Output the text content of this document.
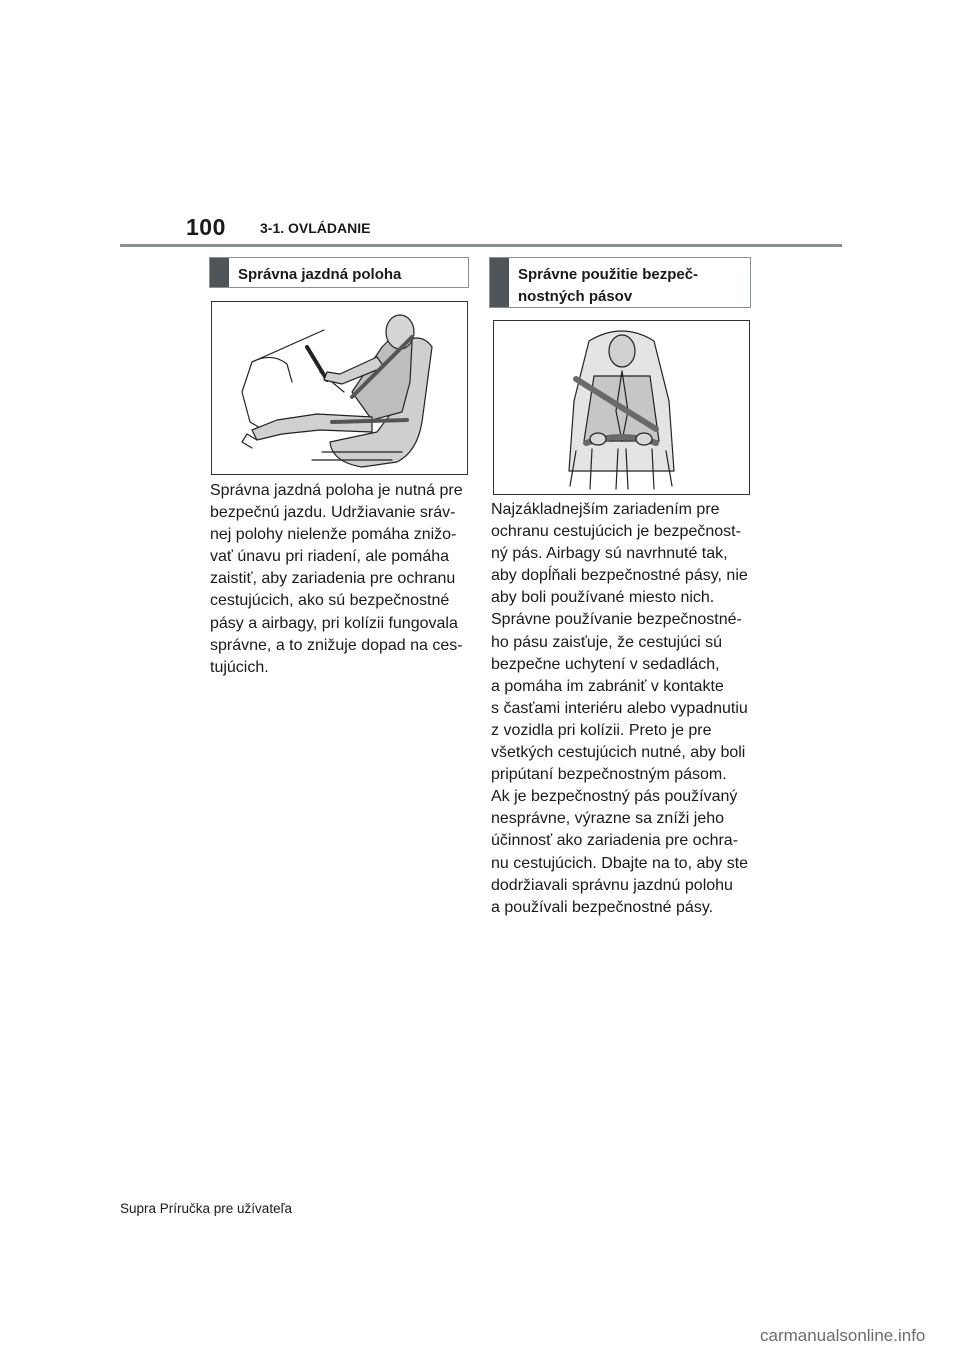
100 3-1. OVLÁDANIE
Správna jazdná poloha

Správna jazdná poloha je nutná pre

bezpečnú jazdu. Udržiavanie sráv-

nej polohy nielenže pomáha znižo-

vať únavu pri riadení, ale pomáha

zaistiť, aby zariadenia pre ochranu

cestujúcich, ako sú bezpečnostné

pásy a airbagy, pri kolízii fungovala

správne, a to znižuje dopad na ces-

tujúcich.

Správne použitie bezpeč-
nostných pásov

Najzákladnejším zariadením pre

ochranu cestujúcich je bezpečnost-

ný pás. Airbagy sú navrhnuté tak,

aby dopĺňali bezpečnostné pásy, nie

aby boli používané miesto nich.

Správne používanie bezpečnostné-

ho pásu zaisťuje, že cestujúci sú

bezpečne uchytení v sedadlách,

a pomáha im zabrániť v kontakte

s časťami interiéru alebo vypadnutiu

z vozidla pri kolízii. Preto je pre

všetkých cestujúcich nutné, aby boli

pripútaní bezpečnostným pásom.

Ak je bezpečnostný pás používaný

nesprávne, výrazne sa zníži jeho

účinnosť ako zariadenia pre ochra-

nu cestujúcich. Dbajte na to, aby ste

dodržiavali správnu jazdnú polohu

a používali bezpečnostné pásy.

Supra Príručka pre užívateľa
carmanualsonline.info
